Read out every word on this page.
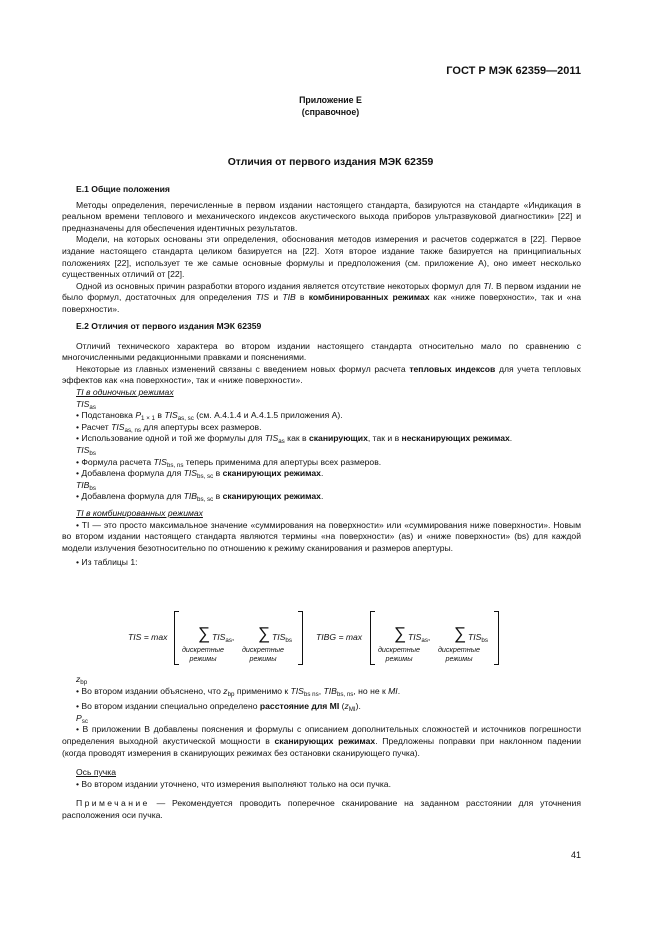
ГОСТ Р МЭК 62359—2011
Приложение E
(справочное)
Отличия от первого издания МЭК 62359
E.1 Общие положения
Методы определения, перечисленные в первом издании настоящего стандарта, базируются на стандарте «Индикация в реальном времени теплового и механического индексов акустического выхода приборов ультразвуковой диагностики» [22] и предназначены для обеспечения идентичных результатов.
Модели, на которых основаны эти определения, обоснования методов измерения и расчетов содержатся в [22]. Первое издание настоящего стандарта целиком базируется на [22]. Хотя второе издание также базируется на принципиальных положениях [22], использует те же самые основные формулы и предположения (см. приложение А), оно имеет несколько существенных отличий от [22].
Одной из основных причин разработки второго издания является отсутствие некоторых формул для TI. В первом издании не было формул, достаточных для определения TIS и TIB в комбинированных режимах как «ниже поверхности», так и «на поверхности».
E.2 Отличия от первого издания МЭК 62359
Отличий технического характера во втором издании настоящего стандарта относительно мало по сравнению с многочисленными редакционными правками и пояснениями.
Некоторые из главных изменений связаны с введением новых формул расчета тепловых индексов для учета тепловых эффектов как «на поверхности», так и «ниже поверхности».
TI в одиночных режимах
$TIS_{as}$
• Подстановка $P_{1 \times 1}$ в $TIS_{as, sc}$ (см. А.4.1.4 и А.4.1.5 приложения А).
• Расчет $TIS_{as, ns}$ для апертуры всех размеров.
• Использование одной и той же формулы для $TIS_{as}$ как в сканирующих, так и в несканирующих режимах.
$TIS_{bs}$
• Формула расчета $TIS_{bs, ns}$ теперь применима для апертуры всех размеров.
• Добавлена формула для $TIS_{bs, sc}$ в сканирующих режимах.
$TIB_{bs}$
• Добавлена формула для $TIB_{bs, sc}$ в сканирующих режимах.
TI в комбинированных режимах
• TI — это просто максимальное значение «суммирования на поверхности» или «суммирования ниже поверхности». Новым во втором издании настоящего стандарта являются термины «на поверхности» (as) и «ниже поверхности» (bs) для каждой модели излучения безотносительно по отношению к режиму сканирования и размеров апертуры.
• Из таблицы 1:
TIS = max ∑ $TIS_{as}$,
дискретные
режимы
∑ $TIS_{bs}$
дискретные
режимы
TIBG = max ∑ $TIS_{as}$,
дискретные
режимы
∑ $TIS_{bs}$
дискретные
режимы
$z_{bp}$
• Во втором издании объяснено, что $z_{bp}$ применимо к $TIS_{bs ns}$, $TIB_{bs, ns}$, но не к MI.
• Во втором издании специально определено расстояние для MI $(z_{MI})$.
$P_{sc}$
• В приложении B добавлены пояснения и формулы с описанием дополнительных сложностей и источников погрешности определения выходной акустической мощности в сканирующих режимах. Предложены поправки при наклонном падении (когда проводят измерения в сканирующих режимах без остановки сканирующего пучка).
Ось пучка
• Во втором издании уточнено, что измерения выполняют только на оси пучка.
Примечание — Рекомендуется проводить поперечное сканирование на заданном расстоянии для уточнения расположения оси пучка.
41
